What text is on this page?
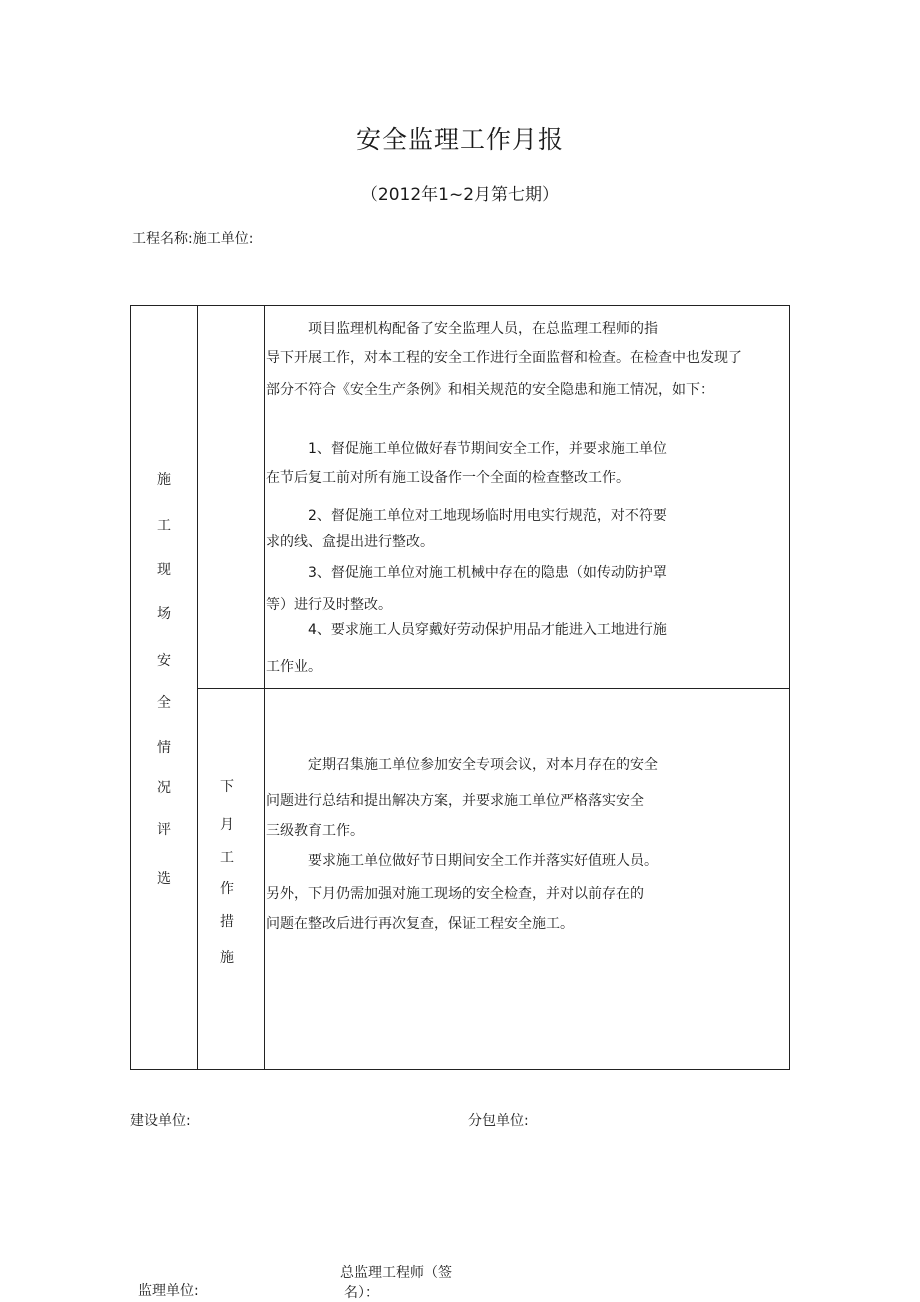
安全监理工作月报
（2012年1~2月第七期）
工程名称:施工单位:
施
工
现
场
安
全
情
况
评
选
下
月
工
作
措
施
项目监理机构配备了安全监理人员，在总监理工程师的指
导下开展工作，对本工程的安全工作进行全面监督和检查。在检查中也发现了
部分不符合《安全生产条例》和相关规范的安全隐患和施工情况，如下：
1、督促施工单位做好春节期间安全工作，并要求施工单位
在节后复工前对所有施工设备作一个全面的检查整改工作。
2、督促施工单位对工地现场临时用电实行规范，对不符要
求的线、盒提出进行整改。
3、督促施工单位对施工机械中存在的隐患（如传动防护罩
等）进行及时整改。
4、要求施工人员穿戴好劳动保护用品才能进入工地进行施
工作业。
定期召集施工单位参加安全专项会议，对本月存在的安全
问题进行总结和提出解决方案，并要求施工单位严格落实安全
三级教育工作。
要求施工单位做好节日期间安全工作并落实好值班人员。
另外，下月仍需加强对施工现场的安全检查，并对以前存在的
问题在整改后进行再次复查，保证工程安全施工。
建设单位:	分包单位:
总监理工程师（签
名）：
监理单位:
